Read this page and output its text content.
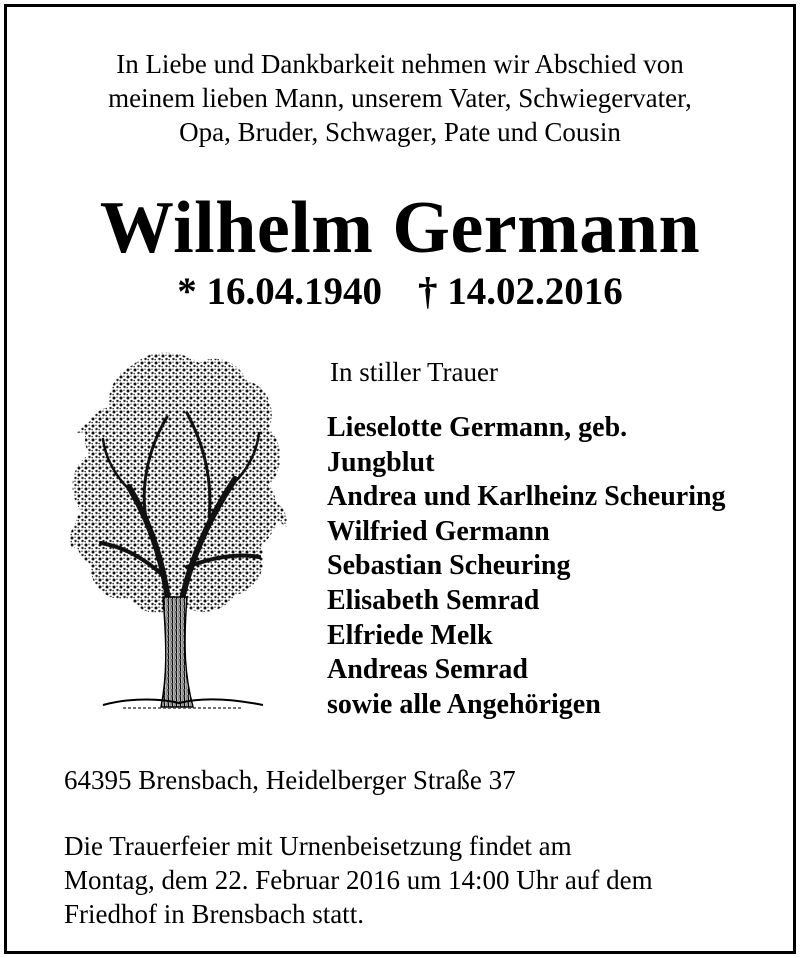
In Liebe und Dankbarkeit nehmen wir Abschied von
meinem lieben Mann, unserem Vater, Schwiegervater,
Opa, Bruder, Schwager, Pate und Cousin
Wilhelm Germann
* 16.04.1940 † 14.02.2016
In stiller Trauer
Lieselotte Germann, geb.
Jungblut
Andrea und Karlheinz Scheuring
Wilfried Germann
Sebastian Scheuring
Elisabeth Semrad
Elfriede Melk
Andreas Semrad
sowie alle Angehörigen
64395 Brensbach, Heidelberger Straße 37
Die Trauerfeier mit Urnenbeisetzung findet am
Montag, dem 22. Februar 2016 um 14:00 Uhr auf dem
Friedhof in Brensbach statt.
